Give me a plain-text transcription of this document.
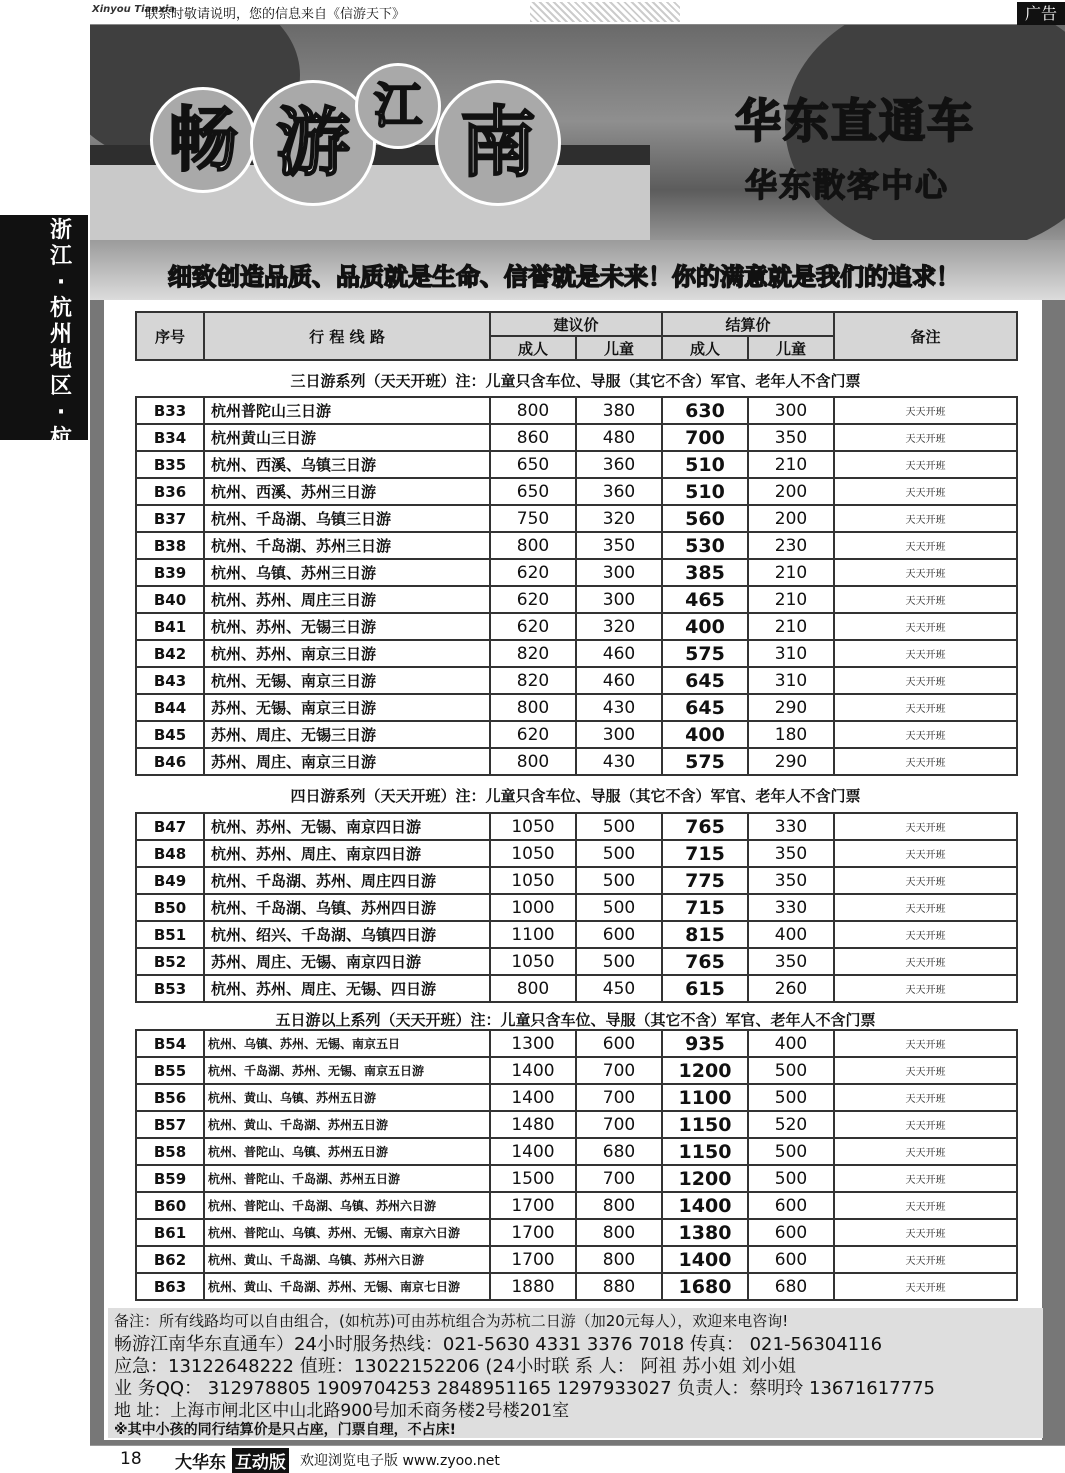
Xinyou Tianxia
联系时敬请说明，您的信息来自《信游天下》	广告
浙江·杭州地区·杭州
畅 游 江 南	华东直通车
华东散客中心
细致创造品质、品质就是生命、信誉就是未来！你的满意就是我们的追求！
序号	行 程 线 路	建议价		结算价		备注
		成人	儿童	成人	儿童	
三日游系列（天天开班）注：儿童只含车位、导服（其它不含）军官、老年人不含门票
B33	杭州普陀山三日游	800	380	630	300	天天开班
B34	杭州黄山三日游	860	480	700	350	天天开班
B35	杭州、西溪、乌镇三日游	650	360	510	210	天天开班
B36	杭州、西溪、苏州三日游	650	360	510	200	天天开班
B37	杭州、千岛湖、乌镇三日游	750	320	560	200	天天开班
B38	杭州、千岛湖、苏州三日游	800	350	530	230	天天开班
B39	杭州、乌镇、苏州三日游	620	300	385	210	天天开班
B40	杭州、苏州、周庄三日游	620	300	465	210	天天开班
B41	杭州、苏州、无锡三日游	620	320	400	210	天天开班
B42	杭州、苏州、南京三日游	820	460	575	310	天天开班
B43	杭州、无锡、南京三日游	820	460	645	310	天天开班
B44	苏州、无锡、南京三日游	800	430	645	290	天天开班
B45	苏州、周庄、无锡三日游	620	300	400	180	天天开班
B46	苏州、周庄、南京三日游	800	430	575	290	天天开班
四日游系列（天天开班）注：儿童只含车位、导服（其它不含）军官、老年人不含门票
B47	杭州、苏州、无锡、南京四日游	1050	500	765	330	天天开班
B48	杭州、苏州、周庄、南京四日游	1050	500	715	350	天天开班
B49	杭州、千岛湖、苏州、周庄四日游	1050	500	775	350	天天开班
B50	杭州、千岛湖、乌镇、苏州四日游	1000	500	715	330	天天开班
B51	杭州、绍兴、千岛湖、乌镇四日游	1100	600	815	400	天天开班
B52	苏州、周庄、无锡、南京四日游	1050	500	765	350	天天开班
B53	杭州、苏州、周庄、无锡、四日游	800	450	615	260	天天开班
五日游以上系列（天天开班）注：儿童只含车位、导服（其它不含）军官、老年人不含门票
B54	杭州、乌镇、苏州、无锡、南京五日	1300	600	935	400	天天开班
B55	杭州、千岛湖、苏州、无锡、南京五日游	1400	700	1200	500	天天开班
B56	杭州、黄山、乌镇、苏州五日游	1400	700	1100	500	天天开班
B57	杭州、黄山、千岛湖、苏州五日游	1480	700	1150	520	天天开班
B58	杭州、普陀山、乌镇、苏州五日游	1400	680	1150	500	天天开班
B59	杭州、普陀山、千岛湖、苏州五日游	1500	700	1200	500	天天开班
B60	杭州、普陀山、千岛湖、乌镇、苏州六日游	1700	800	1400	600	天天开班
B61	杭州、普陀山、乌镇、苏州、无锡、南京六日游	1700	800	1380	600	天天开班
B62	杭州、黄山、千岛湖、乌镇、苏州六日游	1700	800	1400	600	天天开班
B63	杭州、黄山、千岛湖、苏州、无锡、南京七日游	1880	880	1680	680	天天开班
备注：所有线路均可以自由组合，(如杭苏)可由苏杭组合为苏杭二日游（加20元每人），欢迎来电咨询!
畅游江南华东直通车）24小时服务热线：021-5630 4331 3376 7018 传真： 021-56304116
应急：13122648222 值班：13022152206 (24小时联 系 人： 阿祖 苏小姐 刘小姐
业 务QQ： 312978805 1909704253 2848951165 1297933027 负责人：蔡明玲 13671617775
地 址：上海市闸北区中山北路900号加禾商务楼2号楼201室
※其中小孩的同行结算价是只占座，门票自理，不占床!
18 大华东 互动版 欢迎浏览电子版 www.zyoo.net
